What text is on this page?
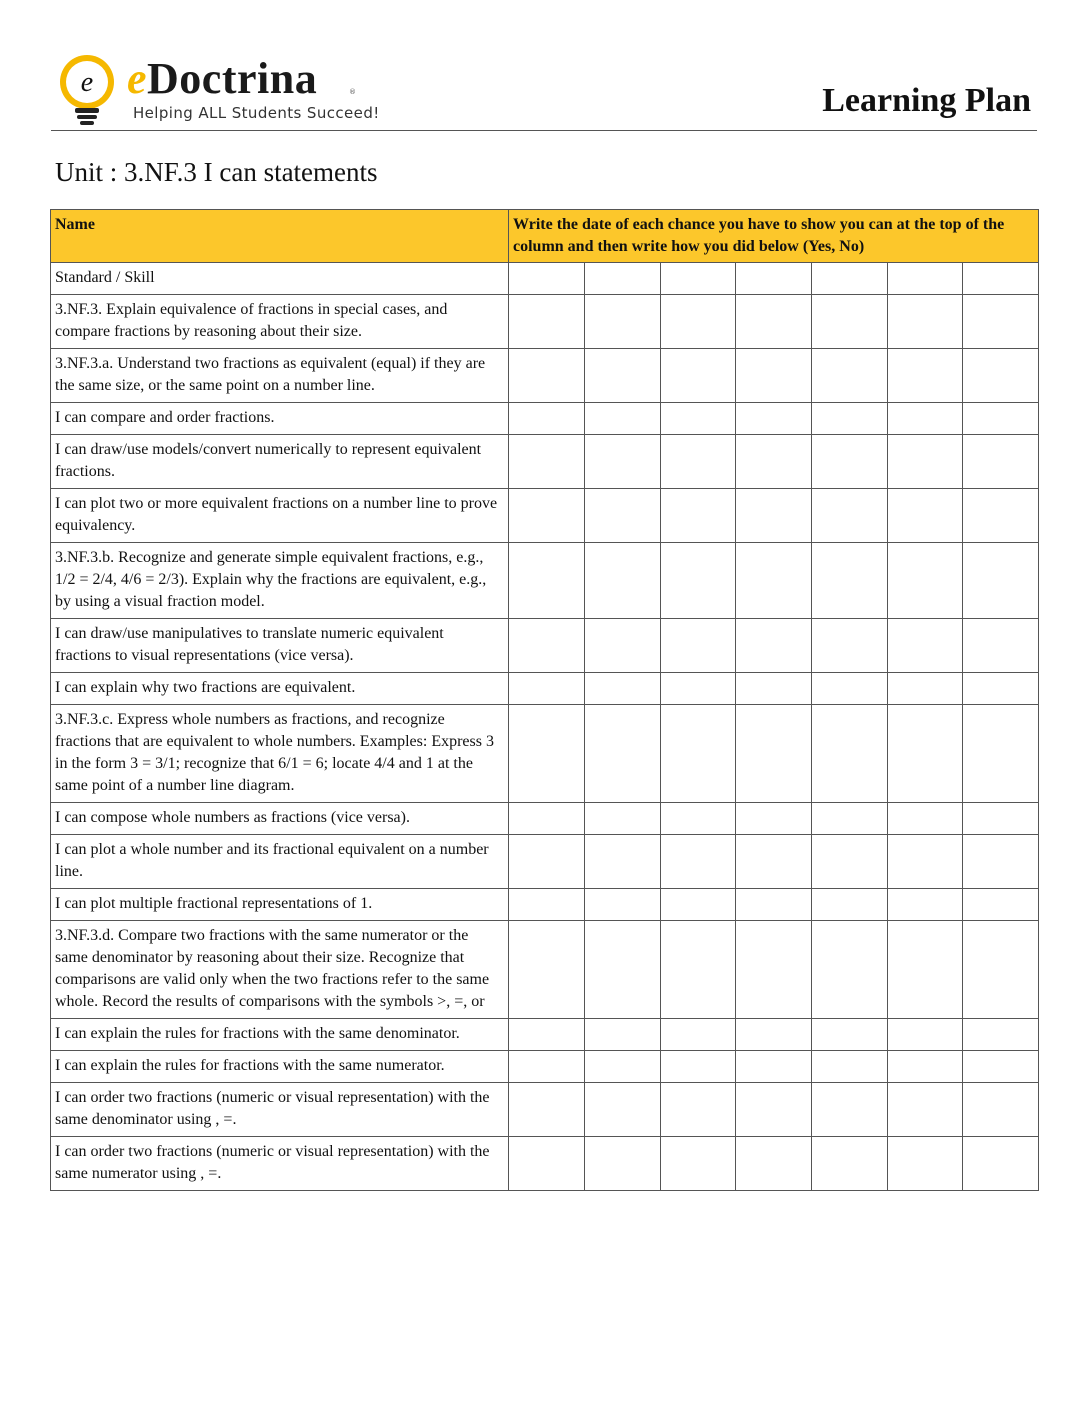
e eDoctrina	®
Helping ALL Students Succeed!	Learning Plan
Unit : 3.NF.3 I can statements
Name	Write the date of each chance you have to show you can at the top of the column and then write how you did below (Yes, No)						
Standard / Skill							
3.NF.3. Explain equivalence of fractions in special cases, and compare fractions by reasoning about their size.							
3.NF.3.a. Understand two fractions as equivalent (equal) if they are the same size, or the same point on a number line.							
I can compare and order fractions.							
I can draw/use models/convert numerically to represent equivalent fractions.							
I can plot two or more equivalent fractions on a number line to prove equivalency.							
3.NF.3.b. Recognize and generate simple equivalent fractions, e.g., 1/2 = 2/4, 4/6 = 2/3). Explain why the fractions are equivalent, e.g., by using a visual fraction model.							
I can draw/use manipulatives to translate numeric equivalent fractions to visual representations (vice versa).							
I can explain why two fractions are equivalent.							
3.NF.3.c. Express whole numbers as fractions, and recognize fractions that are equivalent to whole numbers. Examples: Express 3 in the form 3 = 3/1; recognize that 6/1 = 6; locate 4/4 and 1 at the same point of a number line diagram.							
I can compose whole numbers as fractions (vice versa).							
I can plot a whole number and its fractional equivalent on a number line.							
I can plot multiple fractional representations of 1.							
3.NF.3.d. Compare two fractions with the same numerator or the same denominator by reasoning about their size. Recognize that comparisons are valid only when the two fractions refer to the same whole. Record the results of comparisons with the symbols >, =, or							
I can explain the rules for fractions with the same denominator.							
I can explain the rules for fractions with the same numerator.							
I can order two fractions (numeric or visual representation) with the same denominator using , =.							
I can order two fractions (numeric or visual representation) with the same numerator using , =.							
